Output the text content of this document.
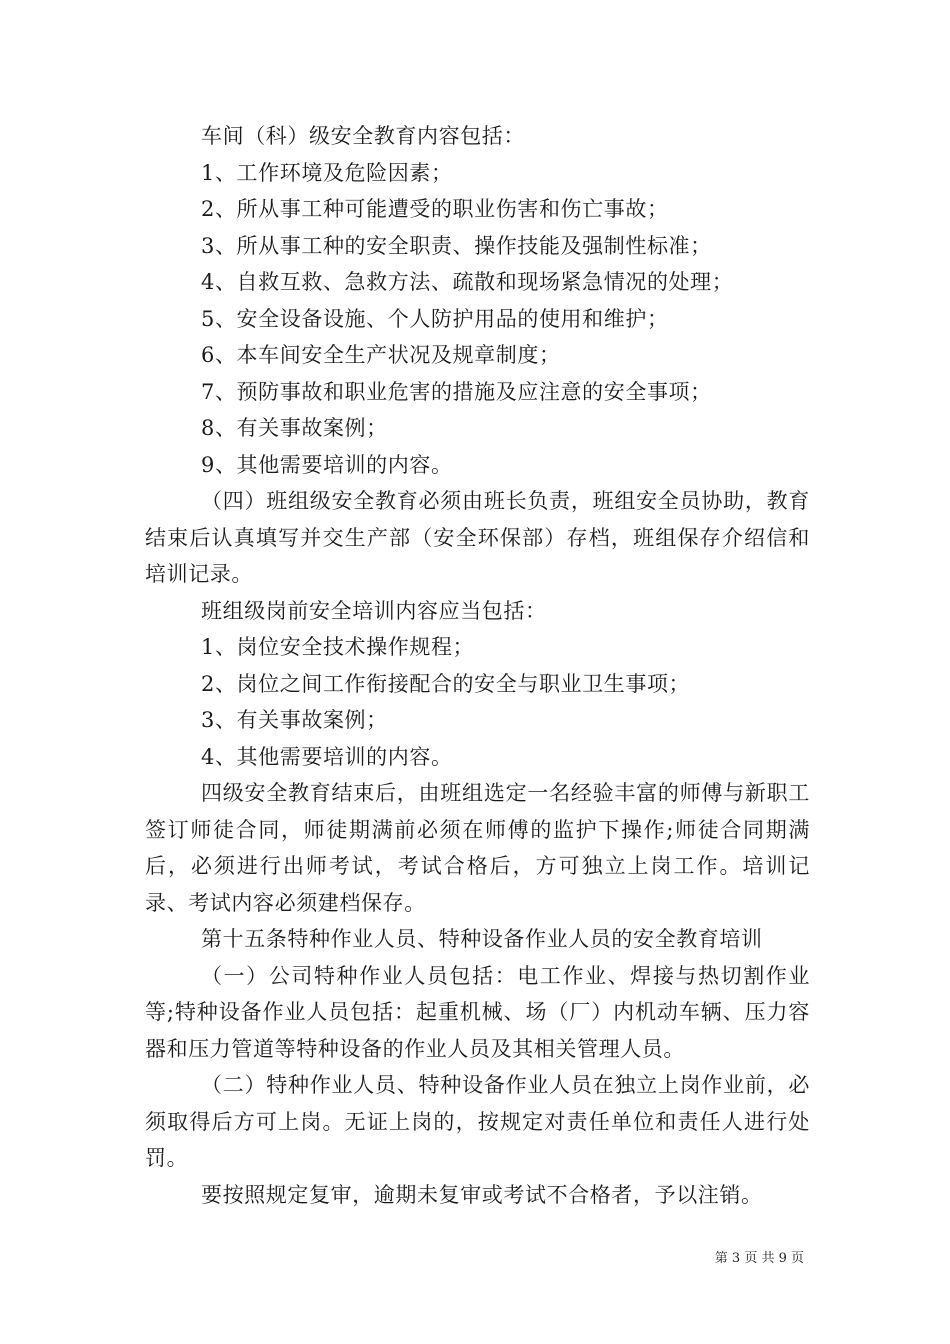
车间（科）级安全教育内容包括：

1、工作环境及危险因素；

2、所从事工种可能遭受的职业伤害和伤亡事故；

3、所从事工种的安全职责、操作技能及强制性标准；

4、自救互救、急救方法、疏散和现场紧急情况的处理；

5、安全设备设施、个人防护用品的使用和维护；

6、本车间安全生产状况及规章制度；

7、预防事故和职业危害的措施及应注意的安全事项；

8、有关事故案例；

9、其他需要培训的内容。

（四）班组级安全教育必须由班长负责，班组安全员协助，教育结束后认真填写并交生产部（安全环保部）存档，班组保存介绍信和培训记录。

班组级岗前安全培训内容应当包括：

1、岗位安全技术操作规程；

2、岗位之间工作衔接配合的安全与职业卫生事项；

3、有关事故案例；

4、其他需要培训的内容。

四级安全教育结束后，由班组选定一名经验丰富的师傅与新职工签订师徒合同，师徒期满前必须在师傅的监护下操作;师徒合同期满后，必须进行出师考试，考试合格后，方可独立上岗工作。培训记录、考试内容必须建档保存。

第十五条特种作业人员、特种设备作业人员的安全教育培训

（一）公司特种作业人员包括：电工作业、焊接与热切割作业等;特种设备作业人员包括：起重机械、场（厂）内机动车辆、压力容器和压力管道等特种设备的作业人员及其相关管理人员。

（二）特种作业人员、特种设备作业人员在独立上岗作业前，必须取得后方可上岗。无证上岗的，按规定对责任单位和责任人进行处罚。

要按照规定复审，逾期未复审或考试不合格者，予以注销。

第 3 页 共 9 页
